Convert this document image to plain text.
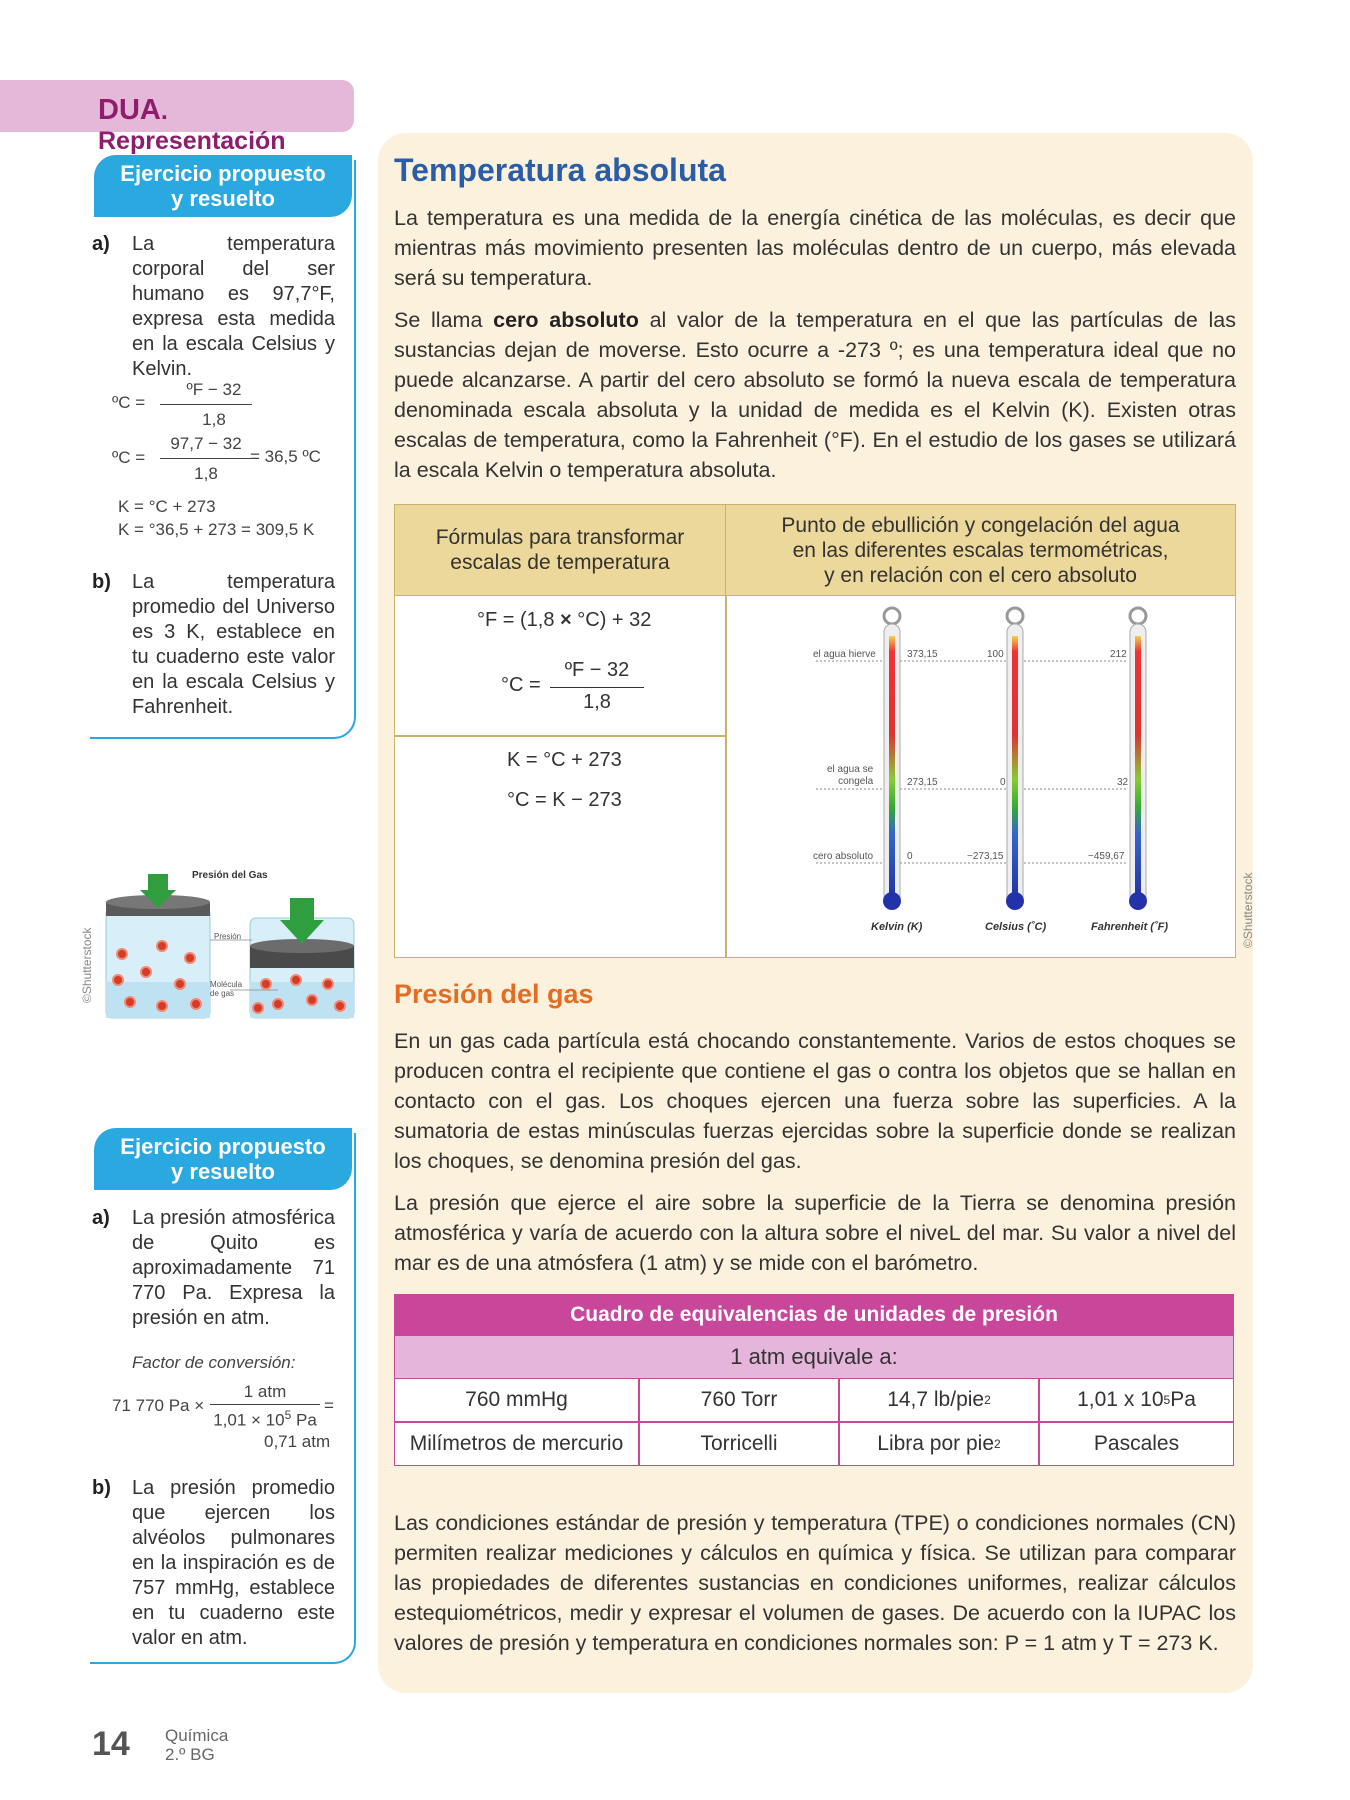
DUA. Representación
Ejercicio propuesto
y resuelto
a) La temperatura corporal del ser humano es 97,7°F, expresa esta medida en la escala Celsius y Kelvin.
ºC =
ºF − 32
1,8
ºC =
97,7 − 32
1,8
= 36,5 ºC
K = °C + 273
K = °36,5 + 273 = 309,5 K
b) La temperatura promedio del Universo es 3 K, establece en tu cuaderno este valor en la escala Celsius y Fahrenheit.
Presión del Gas
Presión
Molécula
de gas
©Shutterstock
Ejercicio propuesto
y resuelto
a) La presión atmosférica de Quito es aproximadamente 71 770 Pa. Expresa la presión en atm.
Factor de conversión:
71 770 Pa ×
1 atm
$1,01 \times 10^5$ Pa
=
0,71 atm
b) La presión promedio que ejercen los alvéolos pulmonares en la inspiración es de 757 mmHg, establece en tu cuaderno este valor en atm.
Temperatura absoluta
La temperatura es una medida de la energía cinética de las moléculas, es decir que mientras más movimiento presenten las moléculas dentro de un cuerpo, más elevada será su temperatura.
Se llama cero absoluto al valor de la temperatura en el que las partículas de las sustancias dejan de moverse. Esto ocurre a -273 º; es una temperatura ideal que no puede alcanzarse. A partir del cero absoluto se formó la nueva escala de temperatura denominada escala absoluta y la unidad de medida es el Kelvin (K). Existen otras escalas de temperatura, como la Fahrenheit (°F). En el estudio de los gases se utilizará la escala Kelvin o temperatura absoluta.
Fórmulas para transformar
escalas de temperatura
Punto de ebullición y congelación del agua
en las diferentes escalas termométricas,
y en relación con el cero absoluto
°F = (1,8 × °C) + 32
°C =
ºF − 32
1,8
K = °C + 273
°C = K − 273
el agua hierve
el agua se
congela
cero absoluto
373,15
273,15
0
100
0
−273,15
212
32
−459,67
Kelvin (K)	Celsius (˚C)	Fahrenheit (˚F)	©Shutterstock
Presión del gas
En un gas cada partícula está chocando constantemente. Varios de estos choques se producen contra el recipiente que contiene el gas o contra los objetos que se hallan en contacto con el gas. Los choques ejercen una fuerza sobre las superficies. A la sumatoria de estas minúsculas fuerzas ejercidas sobre la superficie donde se realizan los choques, se denomina presión del gas.
La presión que ejerce el aire sobre la superficie de la Tierra se denomina presión atmosférica y varía de acuerdo con la altura sobre el niveL del mar. Su valor a nivel del mar es de una atmósfera (1 atm) y se mide con el barómetro.
Cuadro de equivalencias de unidades de presión
1 atm equivale a:
760 mmHg	760 Torr	14,7 lb/pie 2	1,01 x 10 5 Pa
Milímetros de mercurio	Torricelli	Libra por pie 2	Pascales
Las condiciones estándar de presión y temperatura (TPE) o condiciones normales (CN) permiten realizar mediciones y cálculos en química y física. Se utilizan para comparar las propiedades de diferentes sustancias en condiciones uniformes, realizar cálculos estequiométricos, medir y expresar el volumen de gases. De acuerdo con la IUPAC los valores de presión y temperatura en condiciones normales son: P = 1 atm y T = 273 K.
14 Química
2.º BG
